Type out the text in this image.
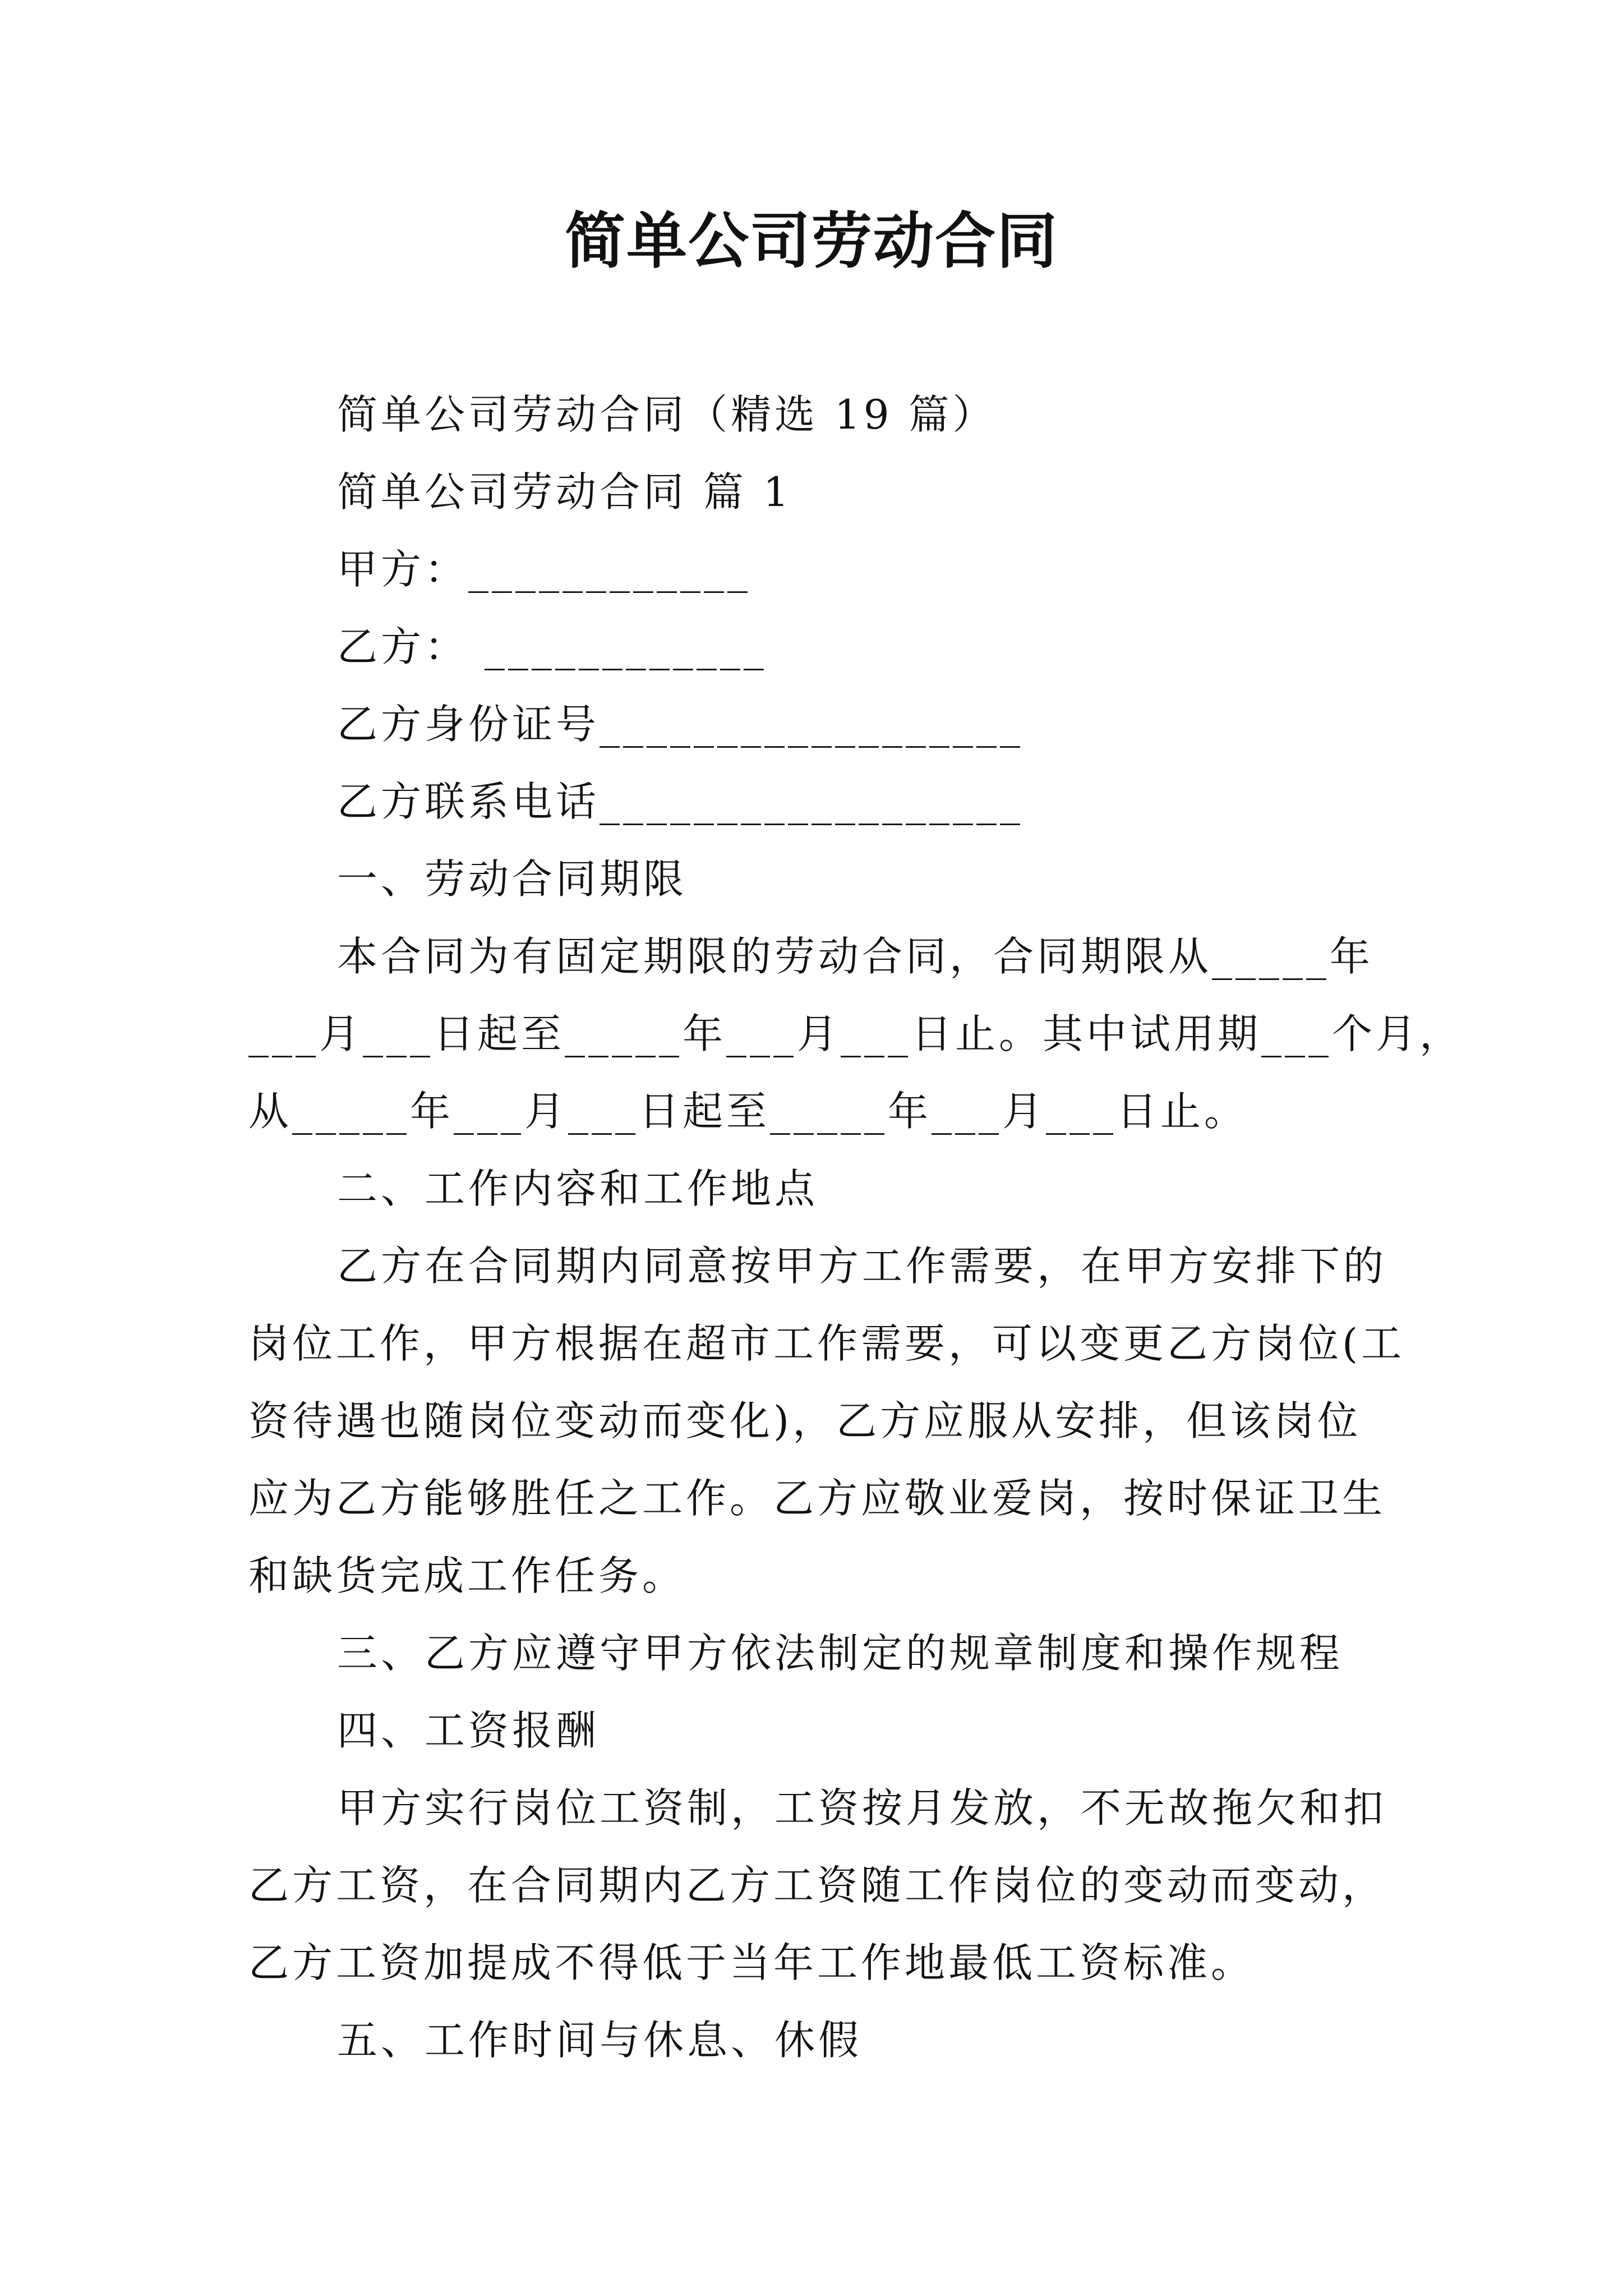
简单公司劳动合同
简单公司劳动合同（精选 19 篇）
简单公司劳动合同 篇 1
甲方：____________
乙方： ____________
乙方身份证号__________________
乙方联系电话__________________
一、劳动合同期限
本合同为有固定期限的劳动合同，合同期限从_____年
___月___日起至_____年___月___日止。其中试用期___个月，
从_____年___月___日起至_____年___月___日止。
二、工作内容和工作地点
乙方在合同期内同意按甲方工作需要，在甲方安排下的
岗位工作，甲方根据在超市工作需要，可以变更乙方岗位(工
资待遇也随岗位变动而变化)，乙方应服从安排，但该岗位
应为乙方能够胜任之工作。乙方应敬业爱岗，按时保证卫生
和缺货完成工作任务。
三、乙方应遵守甲方依法制定的规章制度和操作规程
四、工资报酬
甲方实行岗位工资制，工资按月发放，不无故拖欠和扣
乙方工资，在合同期内乙方工资随工作岗位的变动而变动，
乙方工资加提成不得低于当年工作地最低工资标准。
五、工作时间与休息、休假
